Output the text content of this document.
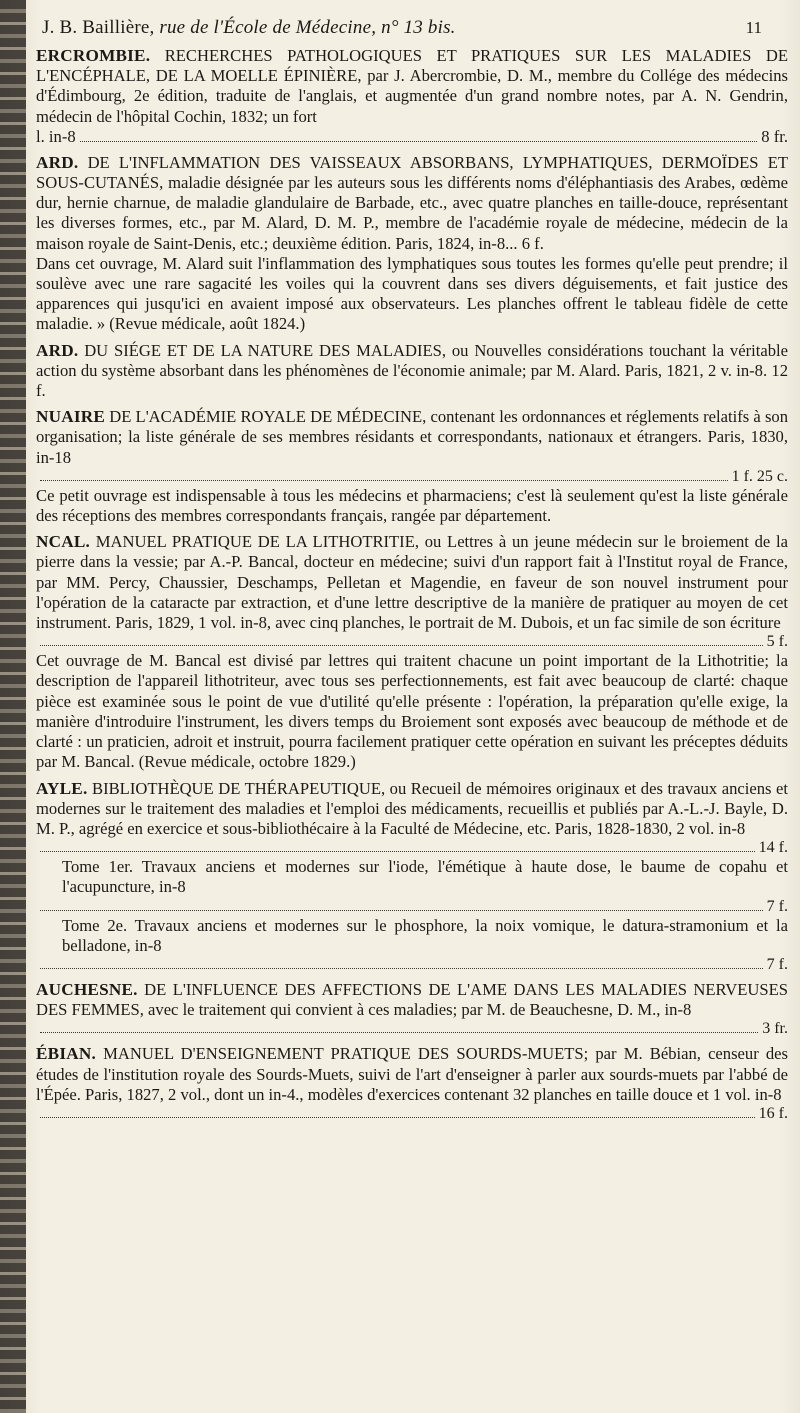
J. B. Baillière, rue de l'École de Médecine, n° 13 bis.	11

ERCROMBIE. RECHERCHES PATHOLOGIQUES ET PRATIQUES SUR LES MALADIES DE L'ENCÉPHALE, DE LA MOELLE ÉPINIÈRE, par J. Abercrombie, D. M., membre du Collége des médecins d'Édimbourg, 2e édition, traduite de l'anglais, et augmentée d'un grand nombre notes, par A. N. Gendrin, médecin de l'hôpital Cochin, 1832; un fort

l. in-8	8 fr.

ARD. DE L'INFLAMMATION DES VAISSEAUX ABSORBANS, LYMPHATIQUES, DERMOÏDES ET SOUS-CUTANÉS, maladie désignée par les auteurs sous les différents noms d'éléphantiasis des Arabes, œdème dur, hernie charnue, de maladie glandulaire de Barbade, etc., avec quatre planches en taille-douce, représentant les diverses formes, etc., par M. Alard, D. M. P., membre de l'académie royale de médecine, médecin de la maison royale de Saint-Denis, etc.; deuxième édition. Paris, 1824, in-8... 6 f.

Dans cet ouvrage, M. Alard suit l'inflammation des lymphatiques sous toutes les formes qu'elle peut prendre; il soulève avec une rare sagacité les voiles qui la couvrent dans ses divers déguisements, et fait justice des apparences qui jusqu'ici en avaient imposé aux observateurs. Les planches offrent le tableau fidèle de cette maladie. » (Revue médicale, août 1824.)

ARD. DU SIÉGE ET DE LA NATURE DES MALADIES, ou Nouvelles considérations touchant la véritable action du système absorbant dans les phénomènes de l'économie animale; par M. Alard. Paris, 1821, 2 v. in-8. 12 f.

NUAIRE DE L'ACADÉMIE ROYALE DE MÉDECINE, contenant les ordonnances et réglements relatifs à son organisation; la liste générale de ses membres résidants et correspondants, nationaux et étrangers. Paris, 1830, in-18

1 f. 25 c.

Ce petit ouvrage est indispensable à tous les médecins et pharmaciens; c'est là seulement qu'est la liste générale des réceptions des membres correspondants français, rangée par département.

NCAL. MANUEL PRATIQUE DE LA LITHOTRITIE, ou Lettres à un jeune médecin sur le broiement de la pierre dans la vessie; par A.-P. Bancal, docteur en médecine; suivi d'un rapport fait à l'Institut royal de France, par MM. Percy, Chaussier, Deschamps, Pelletan et Magendie, en faveur de son nouvel instrument pour l'opération de la cataracte par extraction, et d'une lettre descriptive de la manière de pratiquer au moyen de cet instrument. Paris, 1829, 1 vol. in-8, avec cinq planches, le portrait de M. Dubois, et un fac simile de son écriture

5 f.

Cet ouvrage de M. Bancal est divisé par lettres qui traitent chacune un point important de la Lithotritie; la description de l'appareil lithotriteur, avec tous ses perfectionnements, est fait avec beaucoup de clarté: chaque pièce est examinée sous le point de vue d'utilité qu'elle présente : l'opération, la préparation qu'elle exige, la manière d'introduire l'instrument, les divers temps du Broiement sont exposés avec beaucoup de méthode et de clarté : un praticien, adroit et instruit, pourra facilement pratiquer cette opération en suivant les préceptes déduits par M. Bancal. (Revue médicale, octobre 1829.)

AYLE. BIBLIOTHÈQUE DE THÉRAPEUTIQUE, ou Recueil de mémoires originaux et des travaux anciens et modernes sur le traitement des maladies et l'emploi des médicaments, recueillis et publiés par A.-L.-J. Bayle, D. M. P., agrégé en exercice et sous-bibliothécaire à la Faculté de Médecine, etc. Paris, 1828-1830, 2 vol. in-8

14 f.

Tome 1er. Travaux anciens et modernes sur l'iode, l'émétique à haute dose, le baume de copahu et l'acupuncture, in-8

7 f.

Tome 2e. Travaux anciens et modernes sur le phosphore, la noix vomique, le datura-stramonium et la belladone, in-8

7 f.

AUCHESNE. DE L'INFLUENCE DES AFFECTIONS DE L'AME DANS LES MALADIES NERVEUSES DES FEMMES, avec le traitement qui convient à ces maladies; par M. de Beauchesne, D. M., in-8

3 fr.

ÉBIAN. MANUEL D'ENSEIGNEMENT PRATIQUE DES SOURDS-MUETS; par M. Bébian, censeur des études de l'institution royale des Sourds-Muets, suivi de l'art d'enseigner à parler aux sourds-muets par l'abbé de l'Épée. Paris, 1827, 2 vol., dont un in-4., modèles d'exercices contenant 32 planches en taille douce et 1 vol. in-8

16 f.
